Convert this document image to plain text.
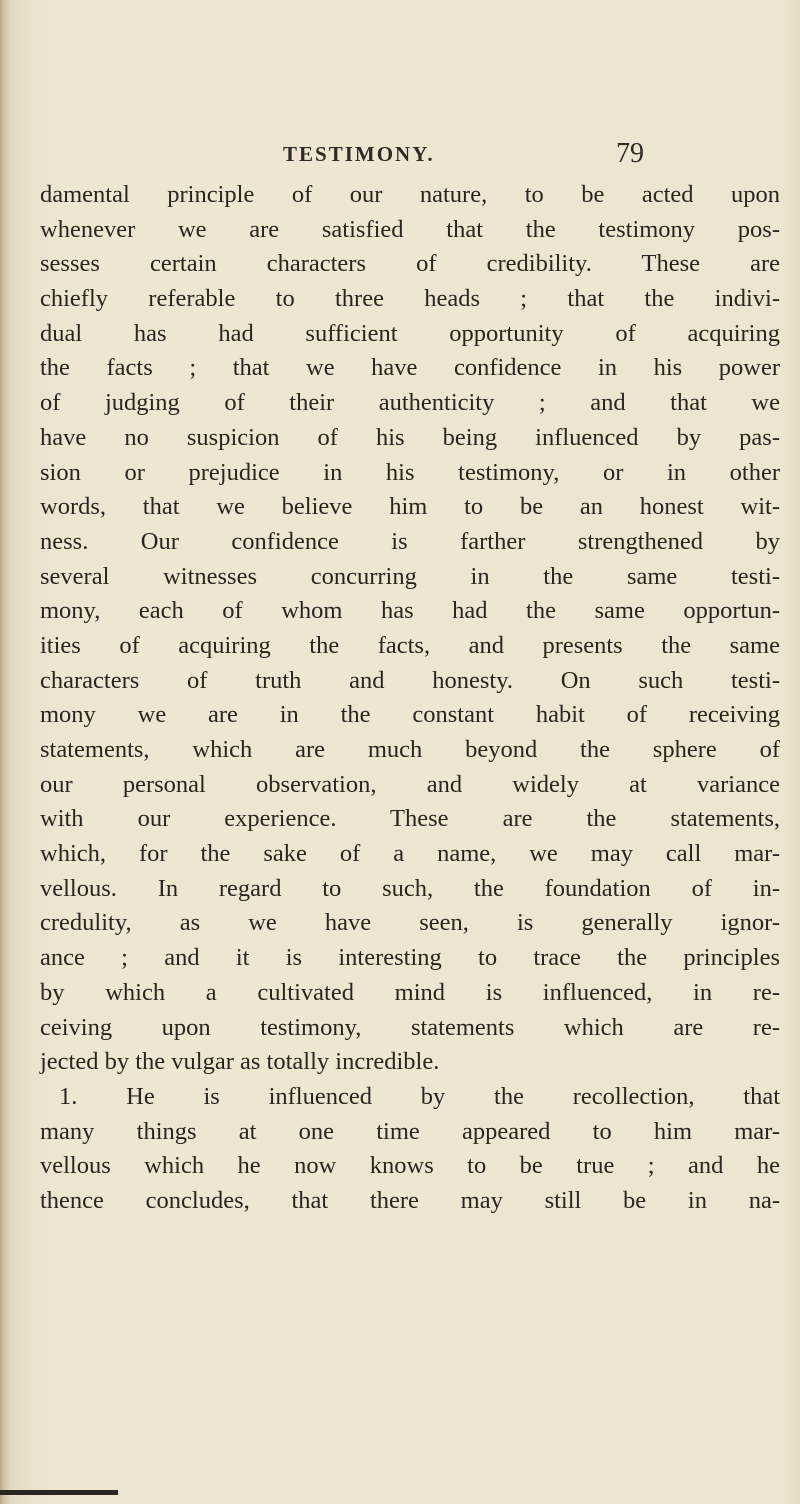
TESTIMONY.	79
damental principle of our nature, to be acted upon
whenever we are satisfied that the testimony pos-
sesses certain characters of credibility. These are
chiefly referable to three heads ; that the indivi-
dual has had sufficient opportunity of acquiring
the facts ; that we have confidence in his power
of judging of their authenticity ; and that we
have no suspicion of his being influenced by pas-
sion or prejudice in his testimony, or in other
words, that we believe him to be an honest wit-
ness. Our confidence is farther strengthened by
several witnesses concurring in the same testi-
mony, each of whom has had the same opportun-
ities of acquiring the facts, and presents the same
characters of truth and honesty. On such testi-
mony we are in the constant habit of receiving
statements, which are much beyond the sphere of
our personal observation, and widely at variance
with our experience. These are the statements,
which, for the sake of a name, we may call mar-
vellous. In regard to such, the foundation of in-
credulity, as we have seen, is generally ignor-
ance ; and it is interesting to trace the principles
by which a cultivated mind is influenced, in re-
ceiving upon testimony, statements which are re-
jected by the vulgar as totally incredible.
1. He is influenced by the recollection, that
many things at one time appeared to him mar-
vellous which he now knows to be true ; and he
thence concludes, that there may still be in na-
